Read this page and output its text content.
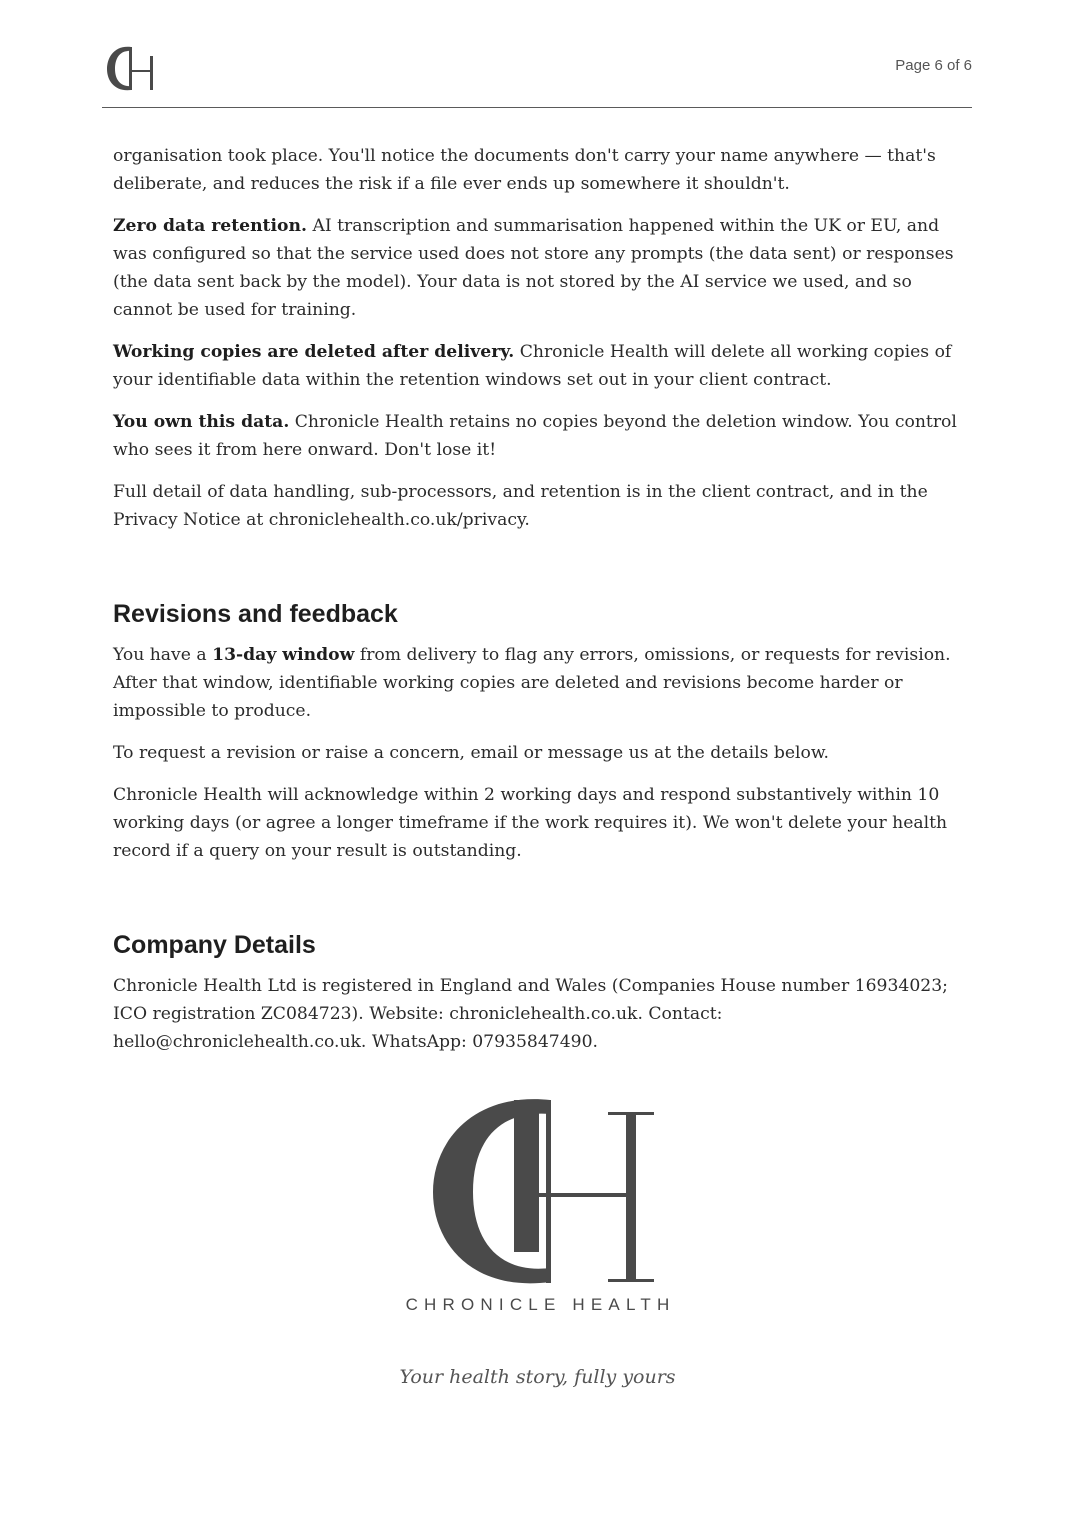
Page 6 of 6

organisation took place. You'll notice the documents don't carry your name anywhere — that's deliberate, and reduces the risk if a file ever ends up somewhere it shouldn't.

Zero data retention. AI transcription and summarisation happened within the UK or EU, and was configured so that the service used does not store any prompts (the data sent) or responses (the data sent back by the model). Your data is not stored by the AI service we used, and so cannot be used for training.

Working copies are deleted after delivery. Chronicle Health will delete all working copies of your identifiable data within the retention windows set out in your client contract.

You own this data. Chronicle Health retains no copies beyond the deletion window. You control who sees it from here onward. Don't lose it!

Full detail of data handling, sub-processors, and retention is in the client contract, and in the Privacy Notice at chroniclehealth.co.uk/privacy.

Revisions and feedback

You have a 13-day window from delivery to flag any errors, omissions, or requests for revision. After that window, identifiable working copies are deleted and revisions become harder or impossible to produce.

To request a revision or raise a concern, email or message us at the details below.

Chronicle Health will acknowledge within 2 working days and respond substantively within 10 working days (or agree a longer timeframe if the work requires it). We won't delete your health record if a query on your result is outstanding.

Company Details

Chronicle Health Ltd is registered in England and Wales (Companies House number 16934023; ICO registration ZC084723). Website: chroniclehealth.co.uk. Contact: hello@chroniclehealth.co.uk. WhatsApp: 07935847490.

CHRONICLE HEALTH
Your health story, fully yours
